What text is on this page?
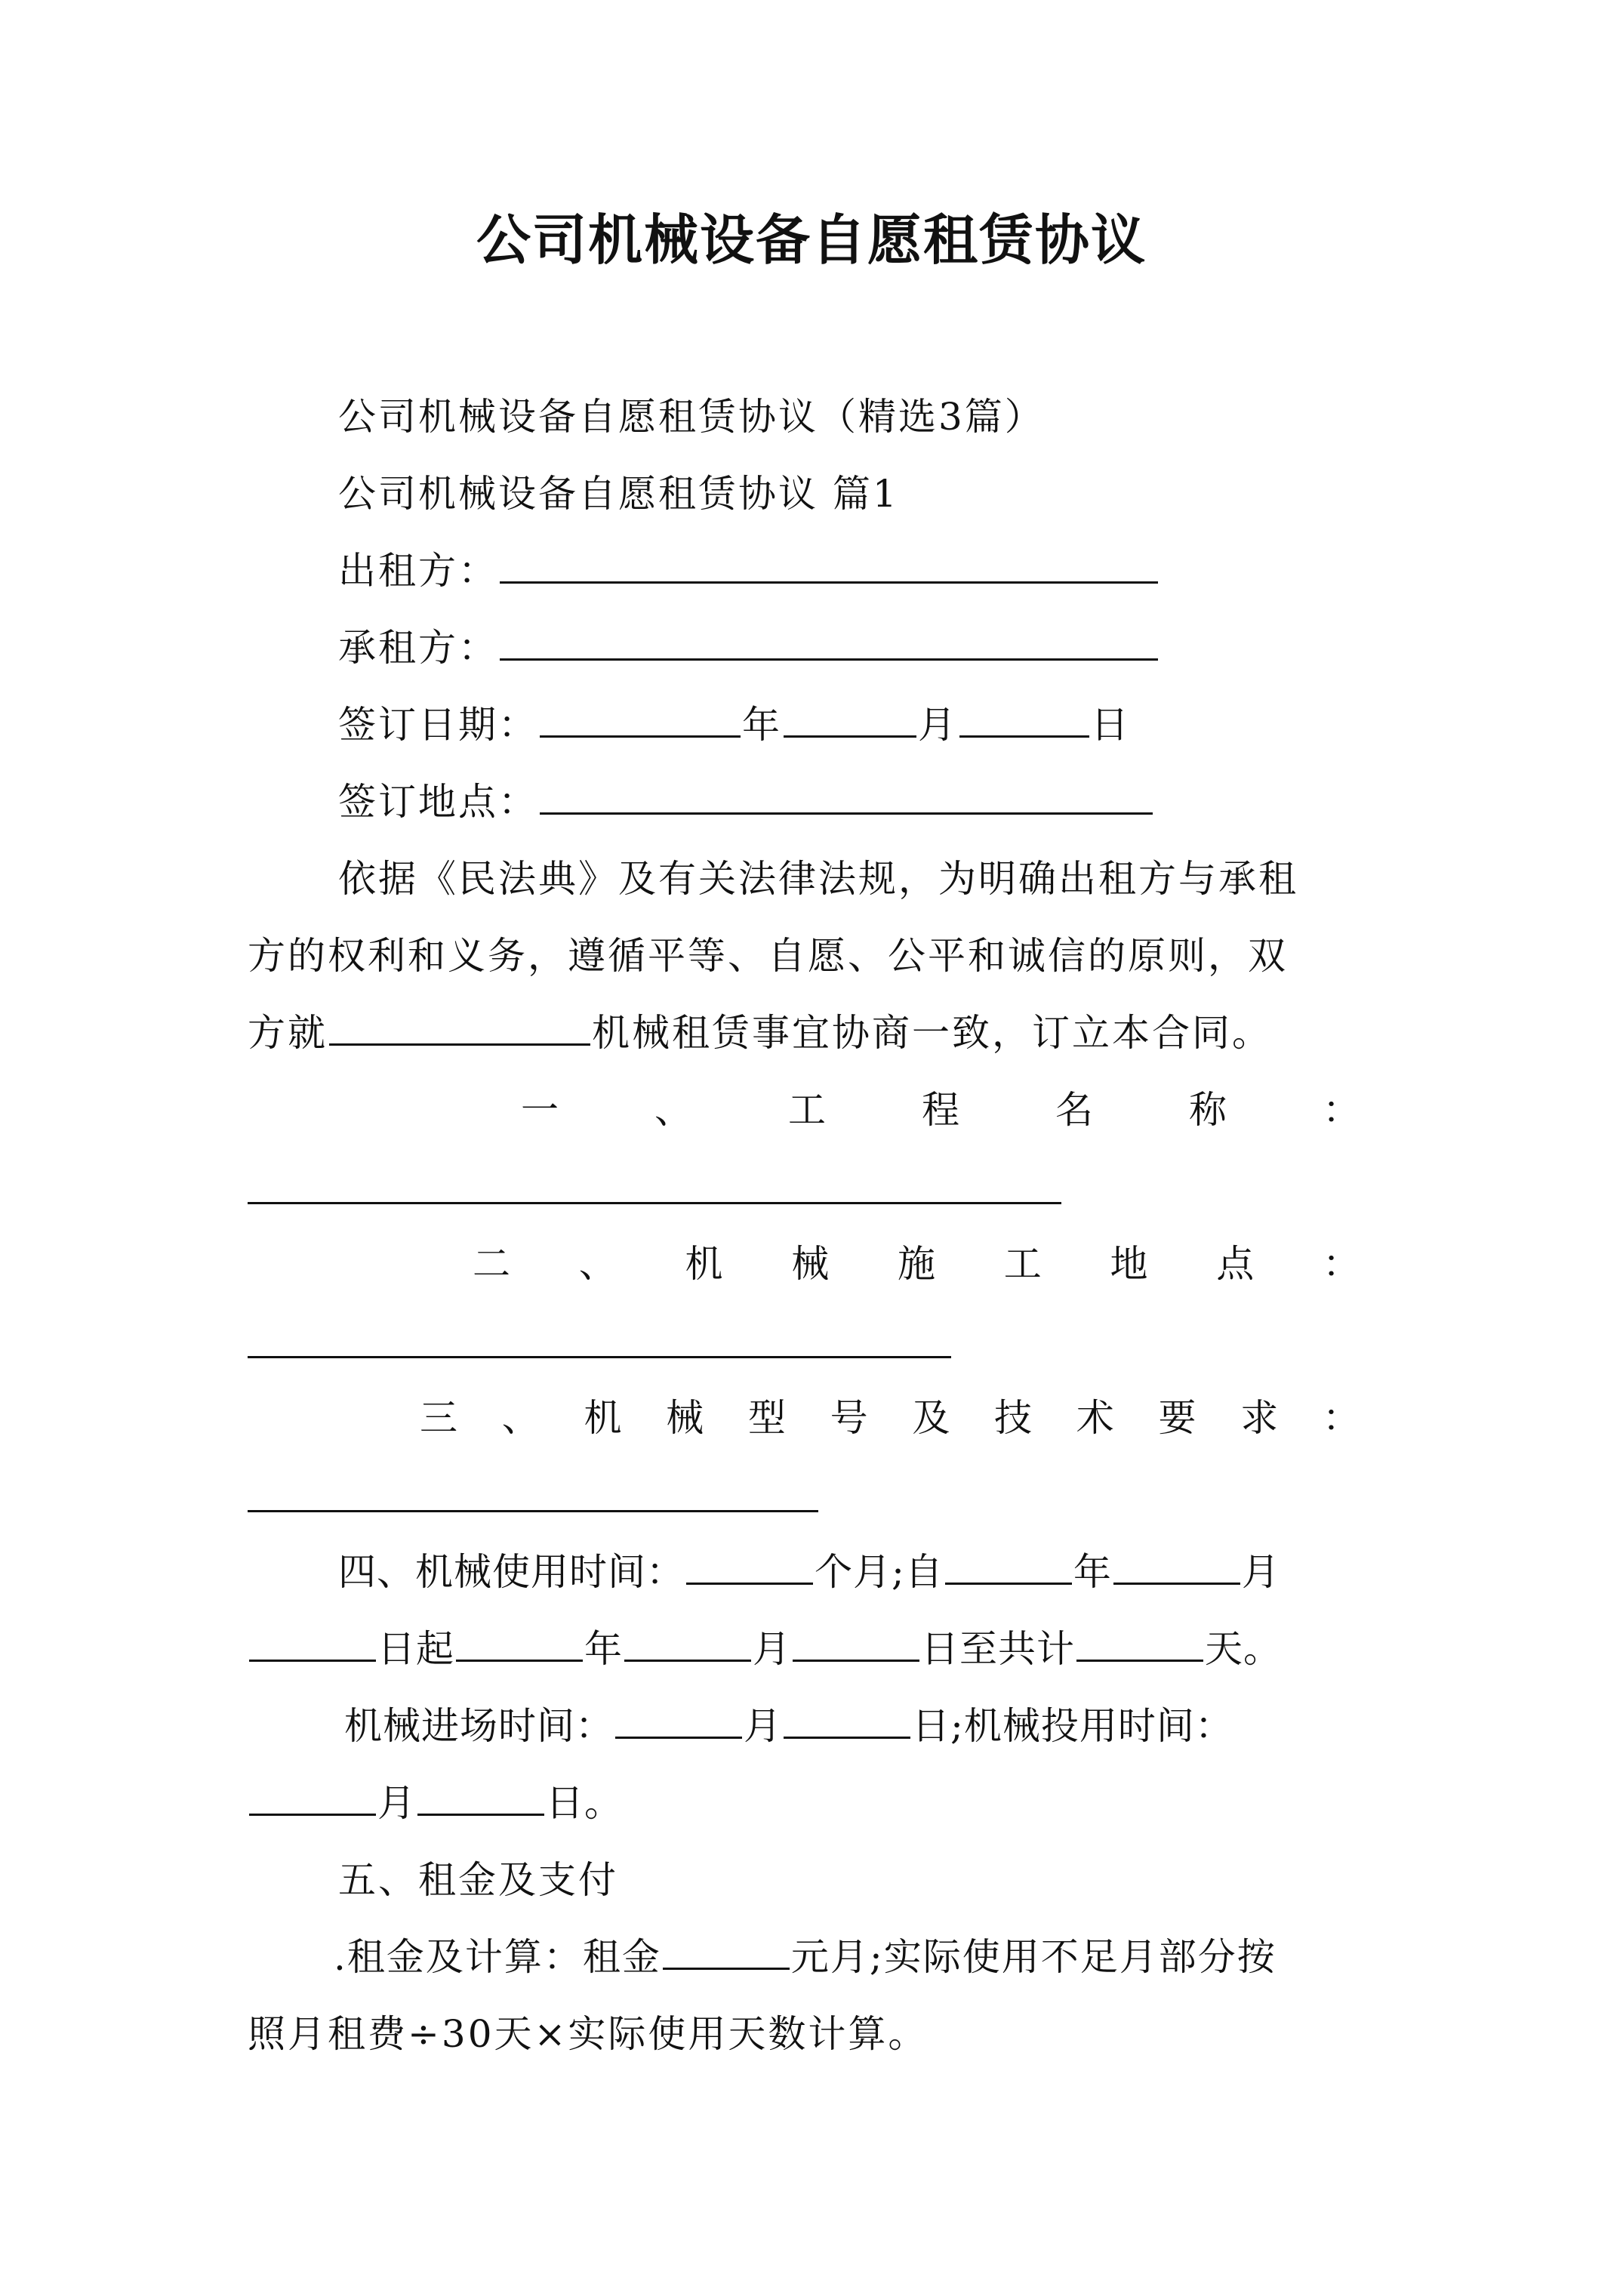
公司机械设备自愿租赁协议
公司机械设备自愿租赁协议（精选3篇）
公司机械设备自愿租赁协议 篇1
出租方：
承租方：
签订日期：	年	月	日
签订地点：
依据《民法典》及有关法律法规，为明确出租方与承租
方的权利和义务，遵循平等、自愿、公平和诚信的原则，双
方就	机械租赁事宜协商一致，订立本合同。
一	、	工	程	名	称	：
二 、 机 械 施 工 地 点 ：
三 、 机 械 型 号 及 技 术 要 求 ：
四、机械使用时间：	个月;自	年	月
日起	年	月	日至共计	天。
机械进场时间：	月	日;机械投用时间：
月	日。
五、租金及支付
.租金及计算：租金	元月;实际使用不足月部分按
照月租费÷30天×实际使用天数计算。
